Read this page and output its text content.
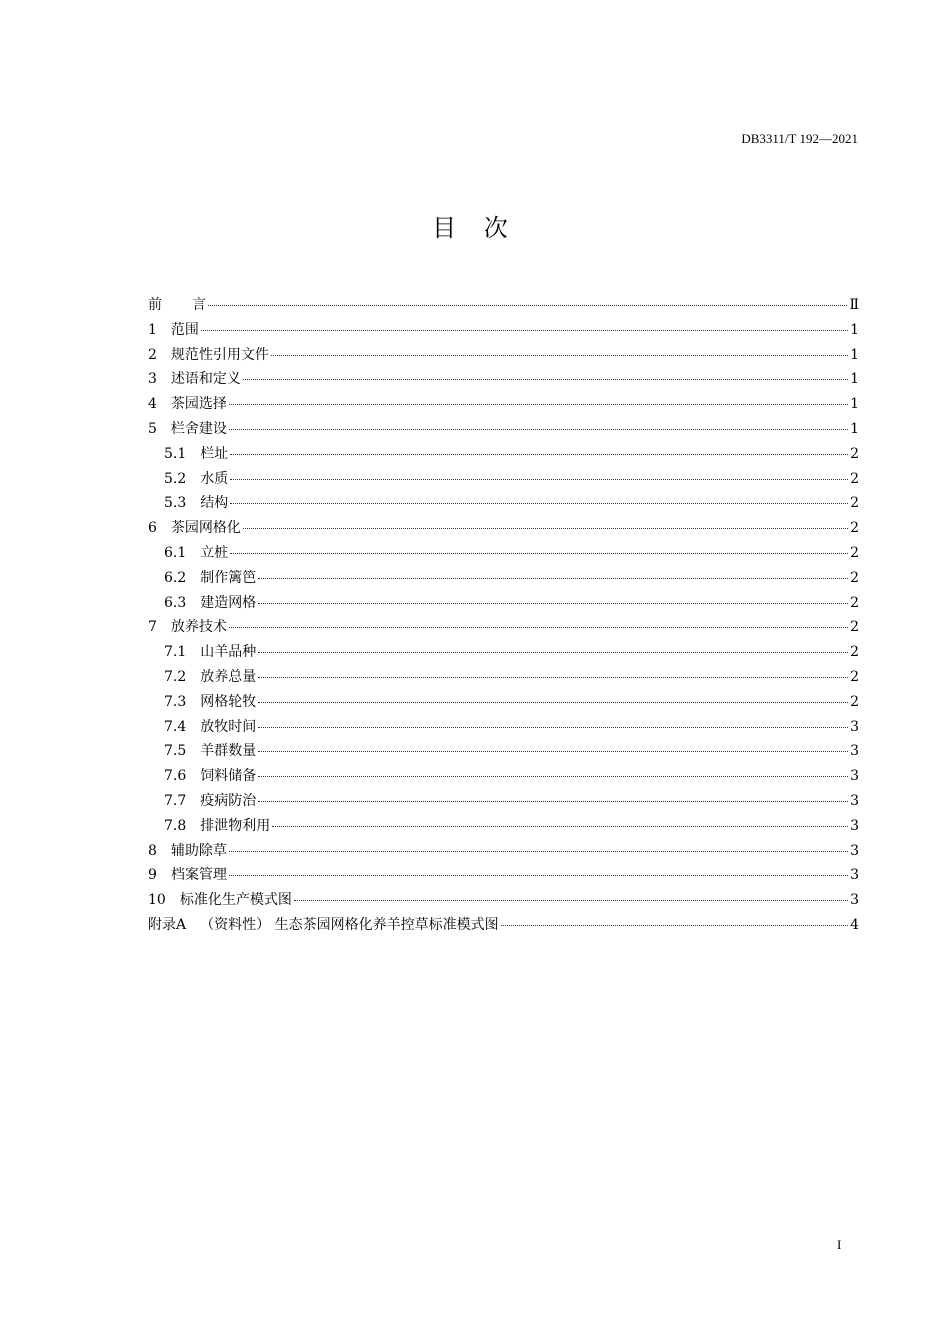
DB3311/T 192—2021
目 次
前 言	Ⅱ
1 范围	1
2 规范性引用文件	1
3 述语和定义	1
4 茶园选择	1
5 栏舍建设	1
5.1 栏址	2
5.2 水质	2
5.3 结构	2
6 茶园网格化	2
6.1 立桩	2
6.2 制作篱笆	2
6.3 建造网格	2
7 放养技术	2
7.1 山羊品种	2
7.2 放养总量	2
7.3 网格轮牧	2
7.4 放牧时间	3
7.5 羊群数量	3
7.6 饲料储备	3
7.7 疫病防治	3
7.8 排泄物利用	3
8 辅助除草	3
9 档案管理	3
10 标准化生产模式图	3
附录A （资料性） 生态茶园网格化养羊控草标准模式图	4
I
